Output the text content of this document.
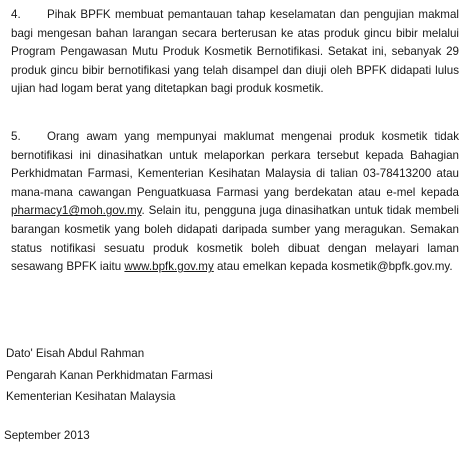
4. Pihak BPFK membuat pemantauan tahap keselamatan dan pengujian makmal
bagi mengesan bahan larangan secara berterusan ke atas produk gincu bibir melalui
Program Pengawasan Mutu Produk Kosmetik Bernotifikasi. Setakat ini, sebanyak 29
produk gincu bibir bernotifikasi yang telah disampel dan diuji oleh BPFK didapati lulus
ujian had logam berat yang ditetapkan bagi produk kosmetik.
5. Orang awam yang mempunyai maklumat mengenai produk kosmetik tidak
bernotifikasi ini dinasihatkan untuk melaporkan perkara tersebut kepada Bahagian
Perkhidmatan Farmasi, Kementerian Kesihatan Malaysia di talian 03-78413200 atau
mana-mana cawangan Penguatkuasa Farmasi yang berdekatan atau e-mel kepada
pharmacy1@moh.gov.my. Selain itu, pengguna juga dinasihatkan untuk tidak membeli
barangan kosmetik yang boleh didapati daripada sumber yang meragukan. Semakan
status notifikasi sesuatu produk kosmetik boleh dibuat dengan melayari laman
sesawang BPFK iaitu www.bpfk.gov.my atau emelkan kepada kosmetik@bpfk.gov.my.
Dato' Eisah Abdul Rahman
Pengarah Kanan Perkhidmatan Farmasi
Kementerian Kesihatan Malaysia
September 2013
